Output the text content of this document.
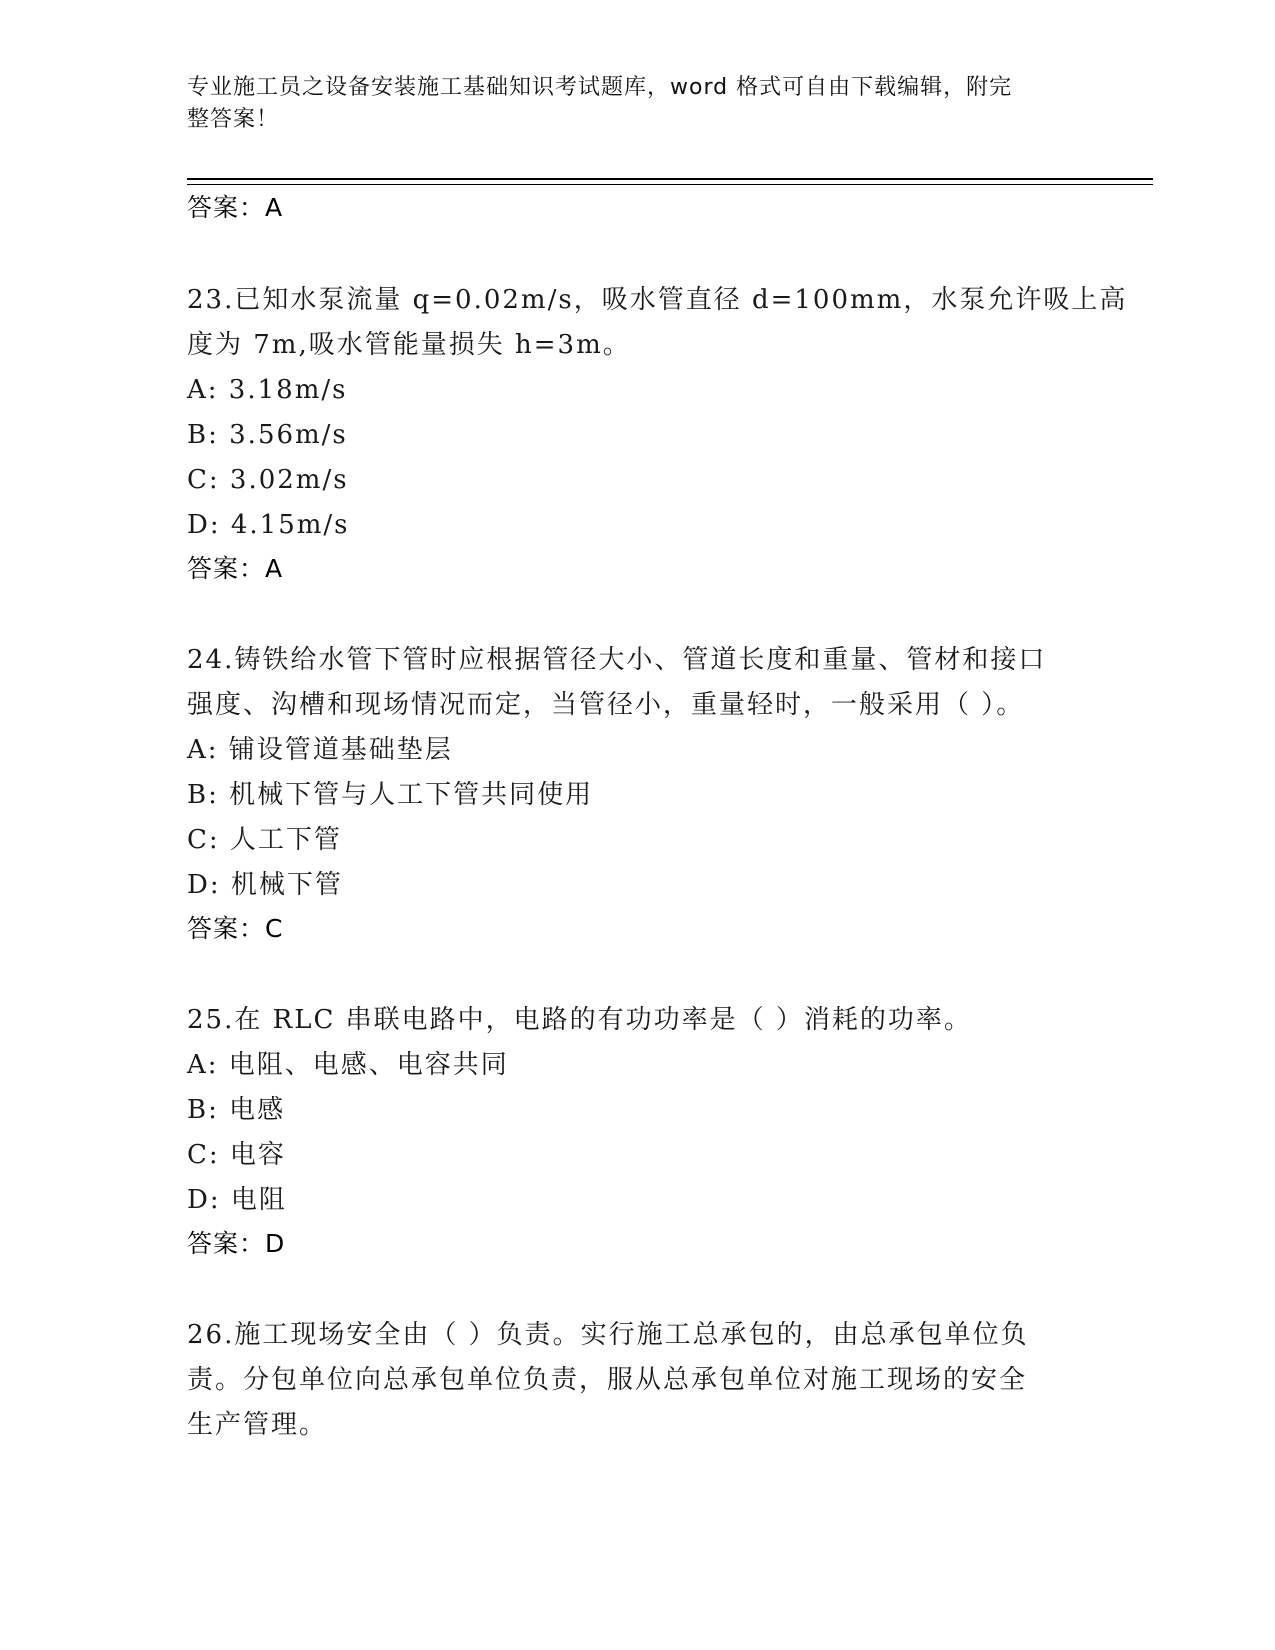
专业施工员之设备安装施工基础知识考试题库，word 格式可自由下载编辑，附完
整答案！
答案：A
23.已知水泵流量 q=0.02m/s，吸水管直径 d=100mm，水泵允许吸上高
度为 7m,吸水管能量损失 h=3m。
A: 3.18m/s
B: 3.56m/s
C: 3.02m/s
D: 4.15m/s
答案：A
24.铸铁给水管下管时应根据管径大小、管道长度和重量、管材和接口
强度、沟槽和现场情况而定，当管径小，重量轻时，一般采用（ ）。
A: 铺设管道基础垫层
B: 机械下管与人工下管共同使用
C: 人工下管
D: 机械下管
答案：C
25.在 RLC 串联电路中，电路的有功功率是（ ）消耗的功率。
A: 电阻、电感、电容共同
B: 电感
C: 电容
D: 电阻
答案：D
26.施工现场安全由（ ）负责。实行施工总承包的，由总承包单位负
责。分包单位向总承包单位负责，服从总承包单位对施工现场的安全
生产管理。
